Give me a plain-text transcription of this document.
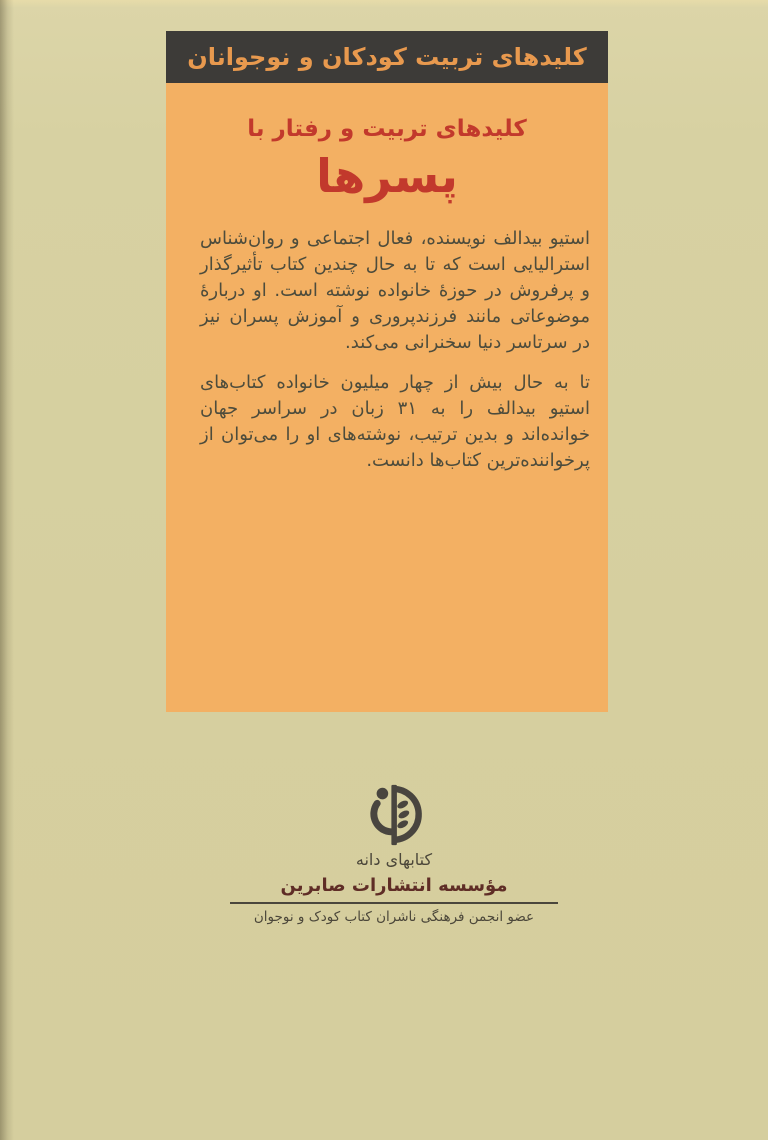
کلیدهای تربیت کودکان و نوجوانان
کلیدهای تربیت و رفتار با
پسرها

استیو بیدالف نویسنده، فعال اجتماعی و روان‌شناس استرالیایی است که تا به حال چندین کتاب تأثیرگذار و پرفروش در حوزهٔ خانواده نوشته است. او دربارهٔ موضوعاتی مانند فرزندپروری و آموزش پسران نیز در سرتاسر دنیا سخنرانی می‌کند.

تا به حال بیش از چهار میلیون خانواده کتاب‌های استیو بیدالف را به ۳۱ زبان در سراسر جهان خوانده‌اند و بدین ترتیب، نوشته‌های او را می‌توان از پرخواننده‌ترین کتاب‌ها دانست.

کتابهای دانه
مؤسسه انتشارات صابرین
عضو انجمن فرهنگی ناشران کتاب کودک و نوجوان
